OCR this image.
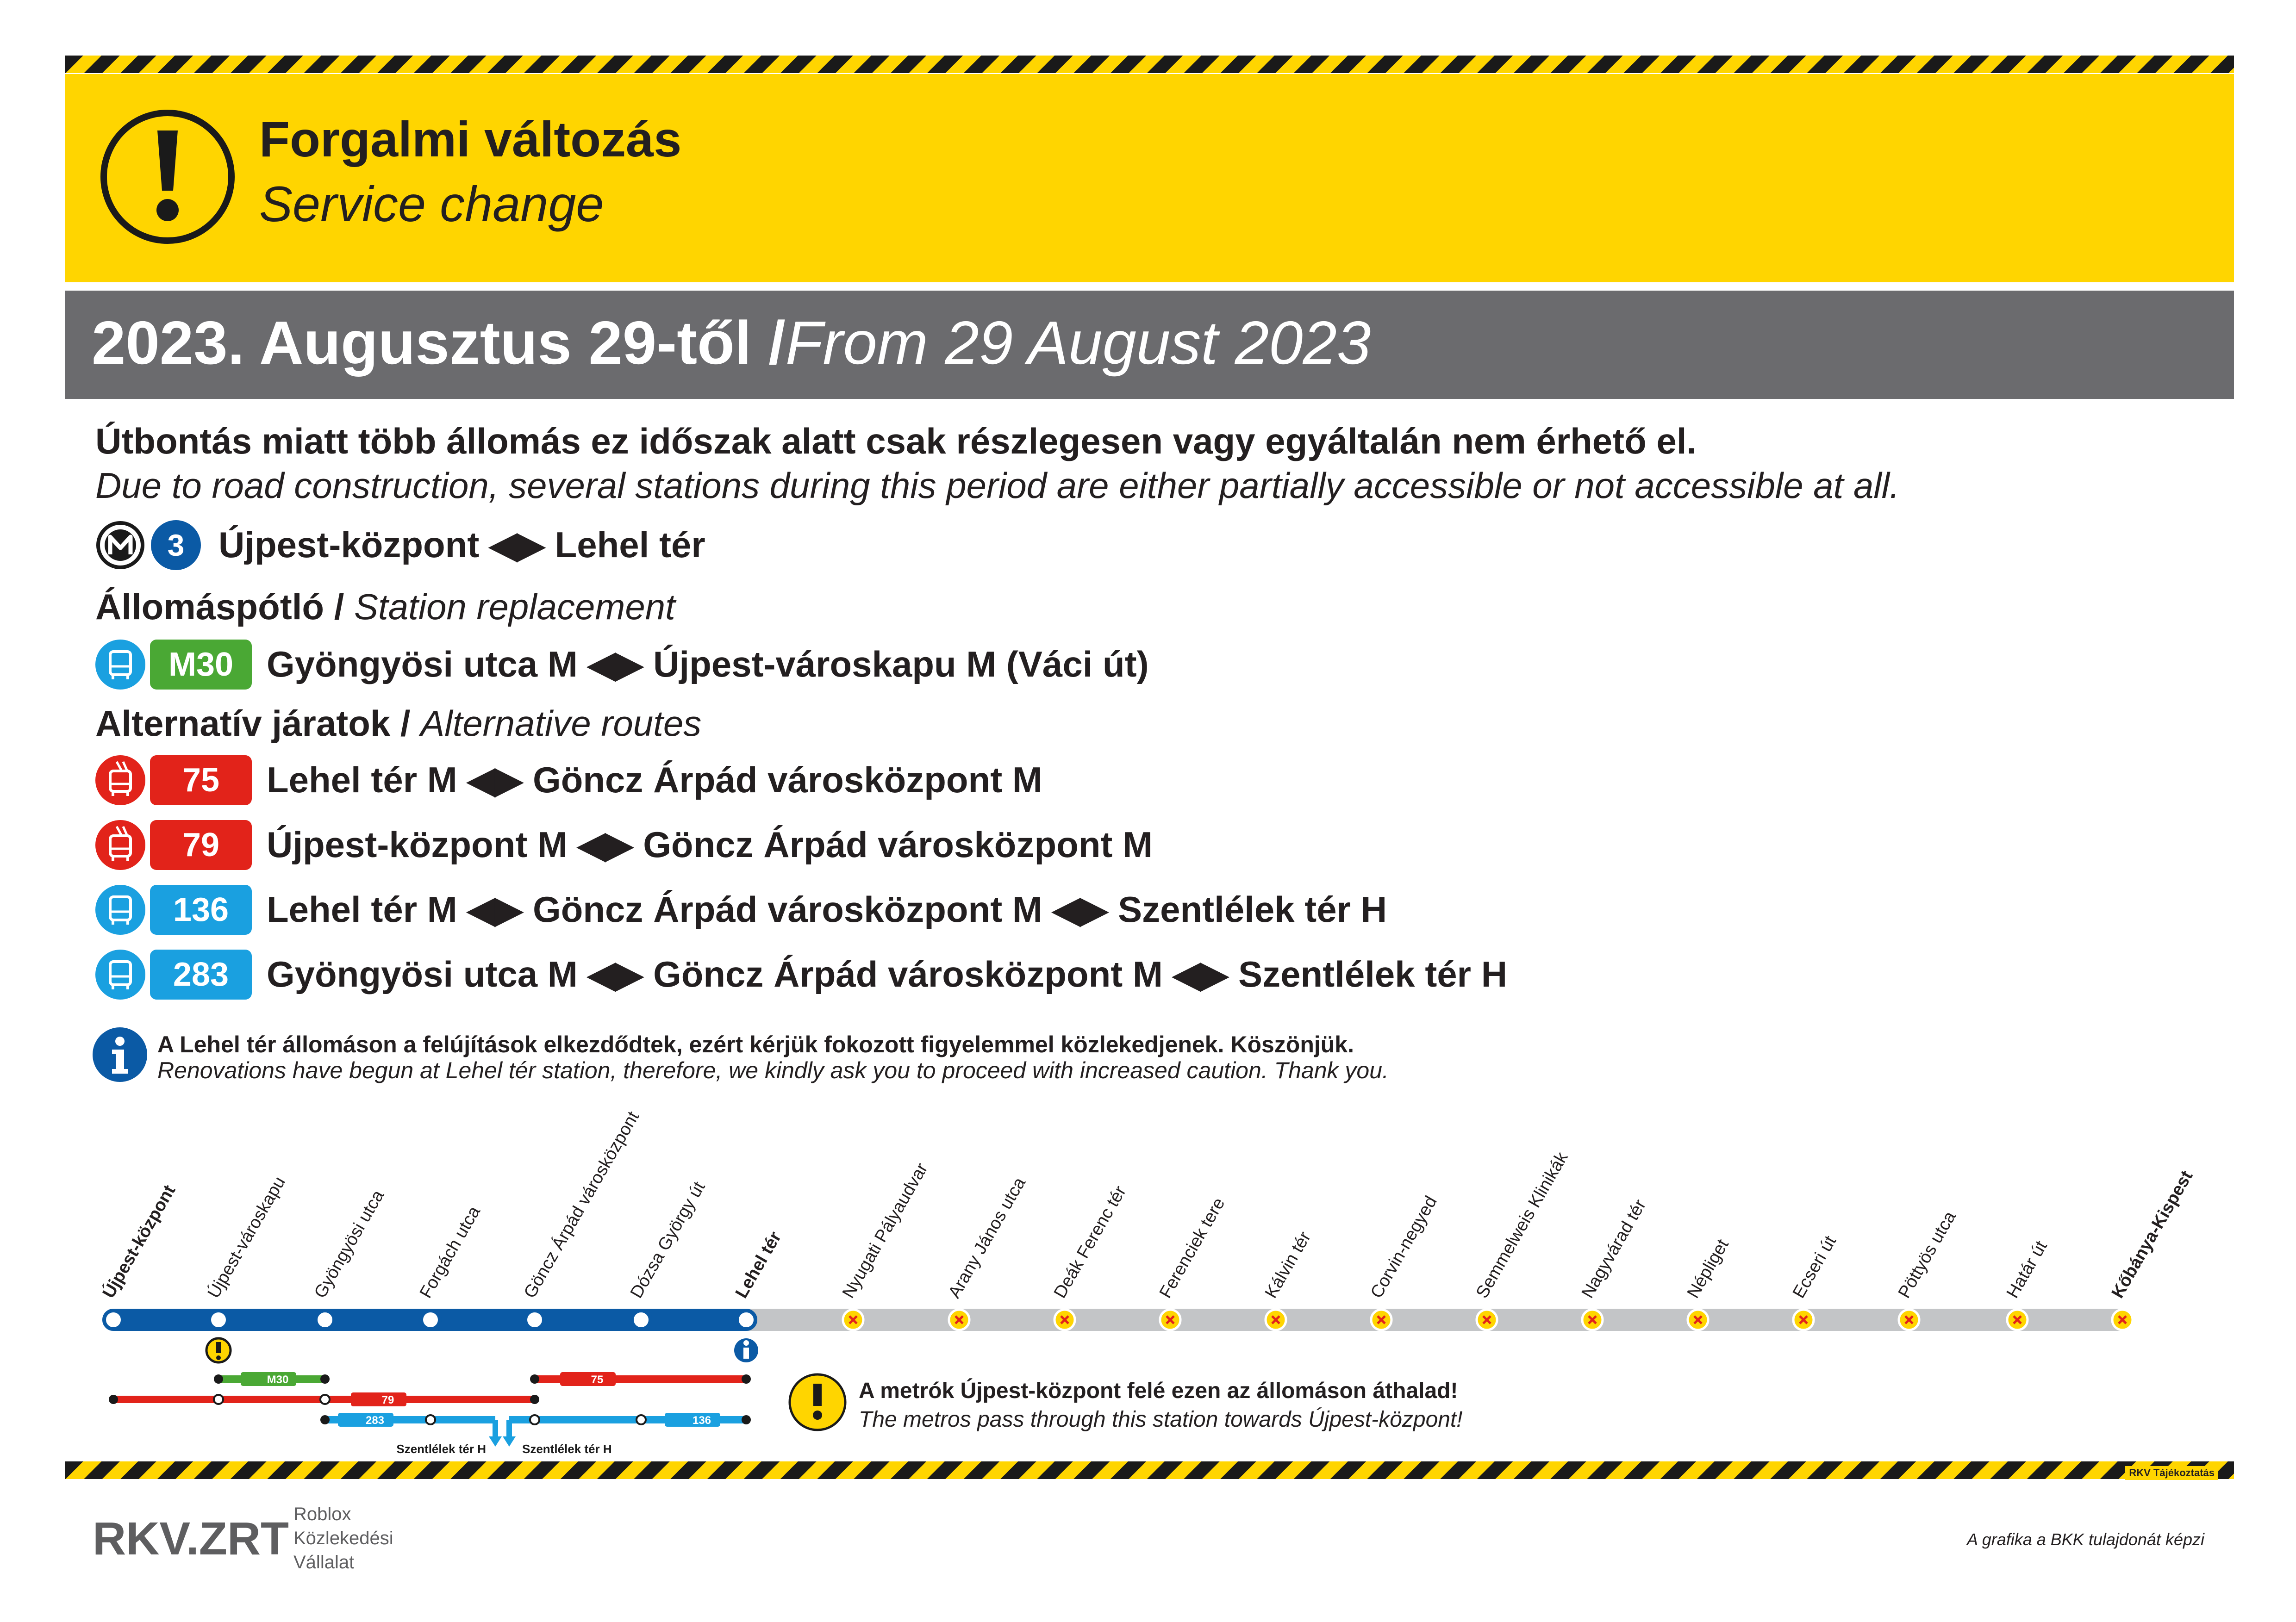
Forgalmi változás
Service change
2023. Augusztus 29-től /From 29 August 2023
Útbontás miatt több állomás ez időszak alatt csak részlegesen vagy egyáltalán nem érhető el.
Due to road construction, several stations during this period are either partially accessible or not accessible at all.
3 Újpest-központ ◀▶ Lehel tér
Állomáspótló / Station replacement
M30 Gyöngyösi utca M ◀▶ Újpest-városkapu M (Váci út)
Alternatív járatok / Alternative routes
75	Lehel tér M ◀▶ Göncz Árpád városközpont M
79	Újpest-központ M ◀▶ Göncz Árpád városközpont M
136	Lehel tér M ◀▶ Göncz Árpád városközpont M ◀▶ Szentlélek tér H
283	Gyöngyösi utca M ◀▶ Göncz Árpád városközpont M ◀▶ Szentlélek tér H
A Lehel tér állomáson a felújítások elkezdődtek, ezért kérjük fokozott figyelemmel közlekedjenek. Köszönjük.
Renovations have begun at Lehel tér station, therefore, we kindly ask you to proceed with increased caution. Thank you.
M30	75
79
283	136
Szentlélek tér H	Szentlélek tér H
Újpest-központ Újpest-városkapu Gyöngyösi utca Forgách utca Göncz Árpád városközpont
Dózsa György út Lehel tér	Nyugati Pályaudvar Arany János utca Deák Ferenc tér Ferenciek tere Kálvin tér	Corvin-negyed Semmelweis Klinikák Nagyvárad tér Népliget	Ecseri út	Pöttyös utca Határ út	Kőbánya-Kispest
A metrók Újpest-központ felé ezen az állomáson áthalad!
The metros pass through this station towards Újpest-központ!
RKV Tájékoztatás
RKV.ZRT Roblox
Közlekedési
Vállalat
A grafika a BKK tulajdonát képzi
